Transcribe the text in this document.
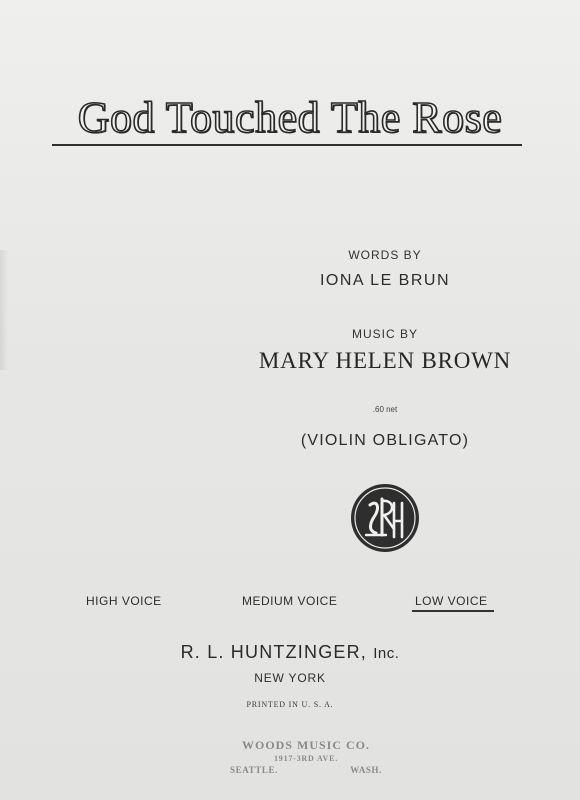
God Touched The Rose
WORDS BY
IONA LE BRUN
MUSIC BY
MARY HELEN BROWN
.60 net
(VIOLIN OBLIGATO)
HIGH VOICE	MEDIUM VOICE	LOW VOICE
R. L. HUNTZINGER, Inc.
NEW YORK
PRINTED IN U. S. A.
WOODS MUSIC CO.
1917-3RD AVE.
SEATTLE.	WASH.
